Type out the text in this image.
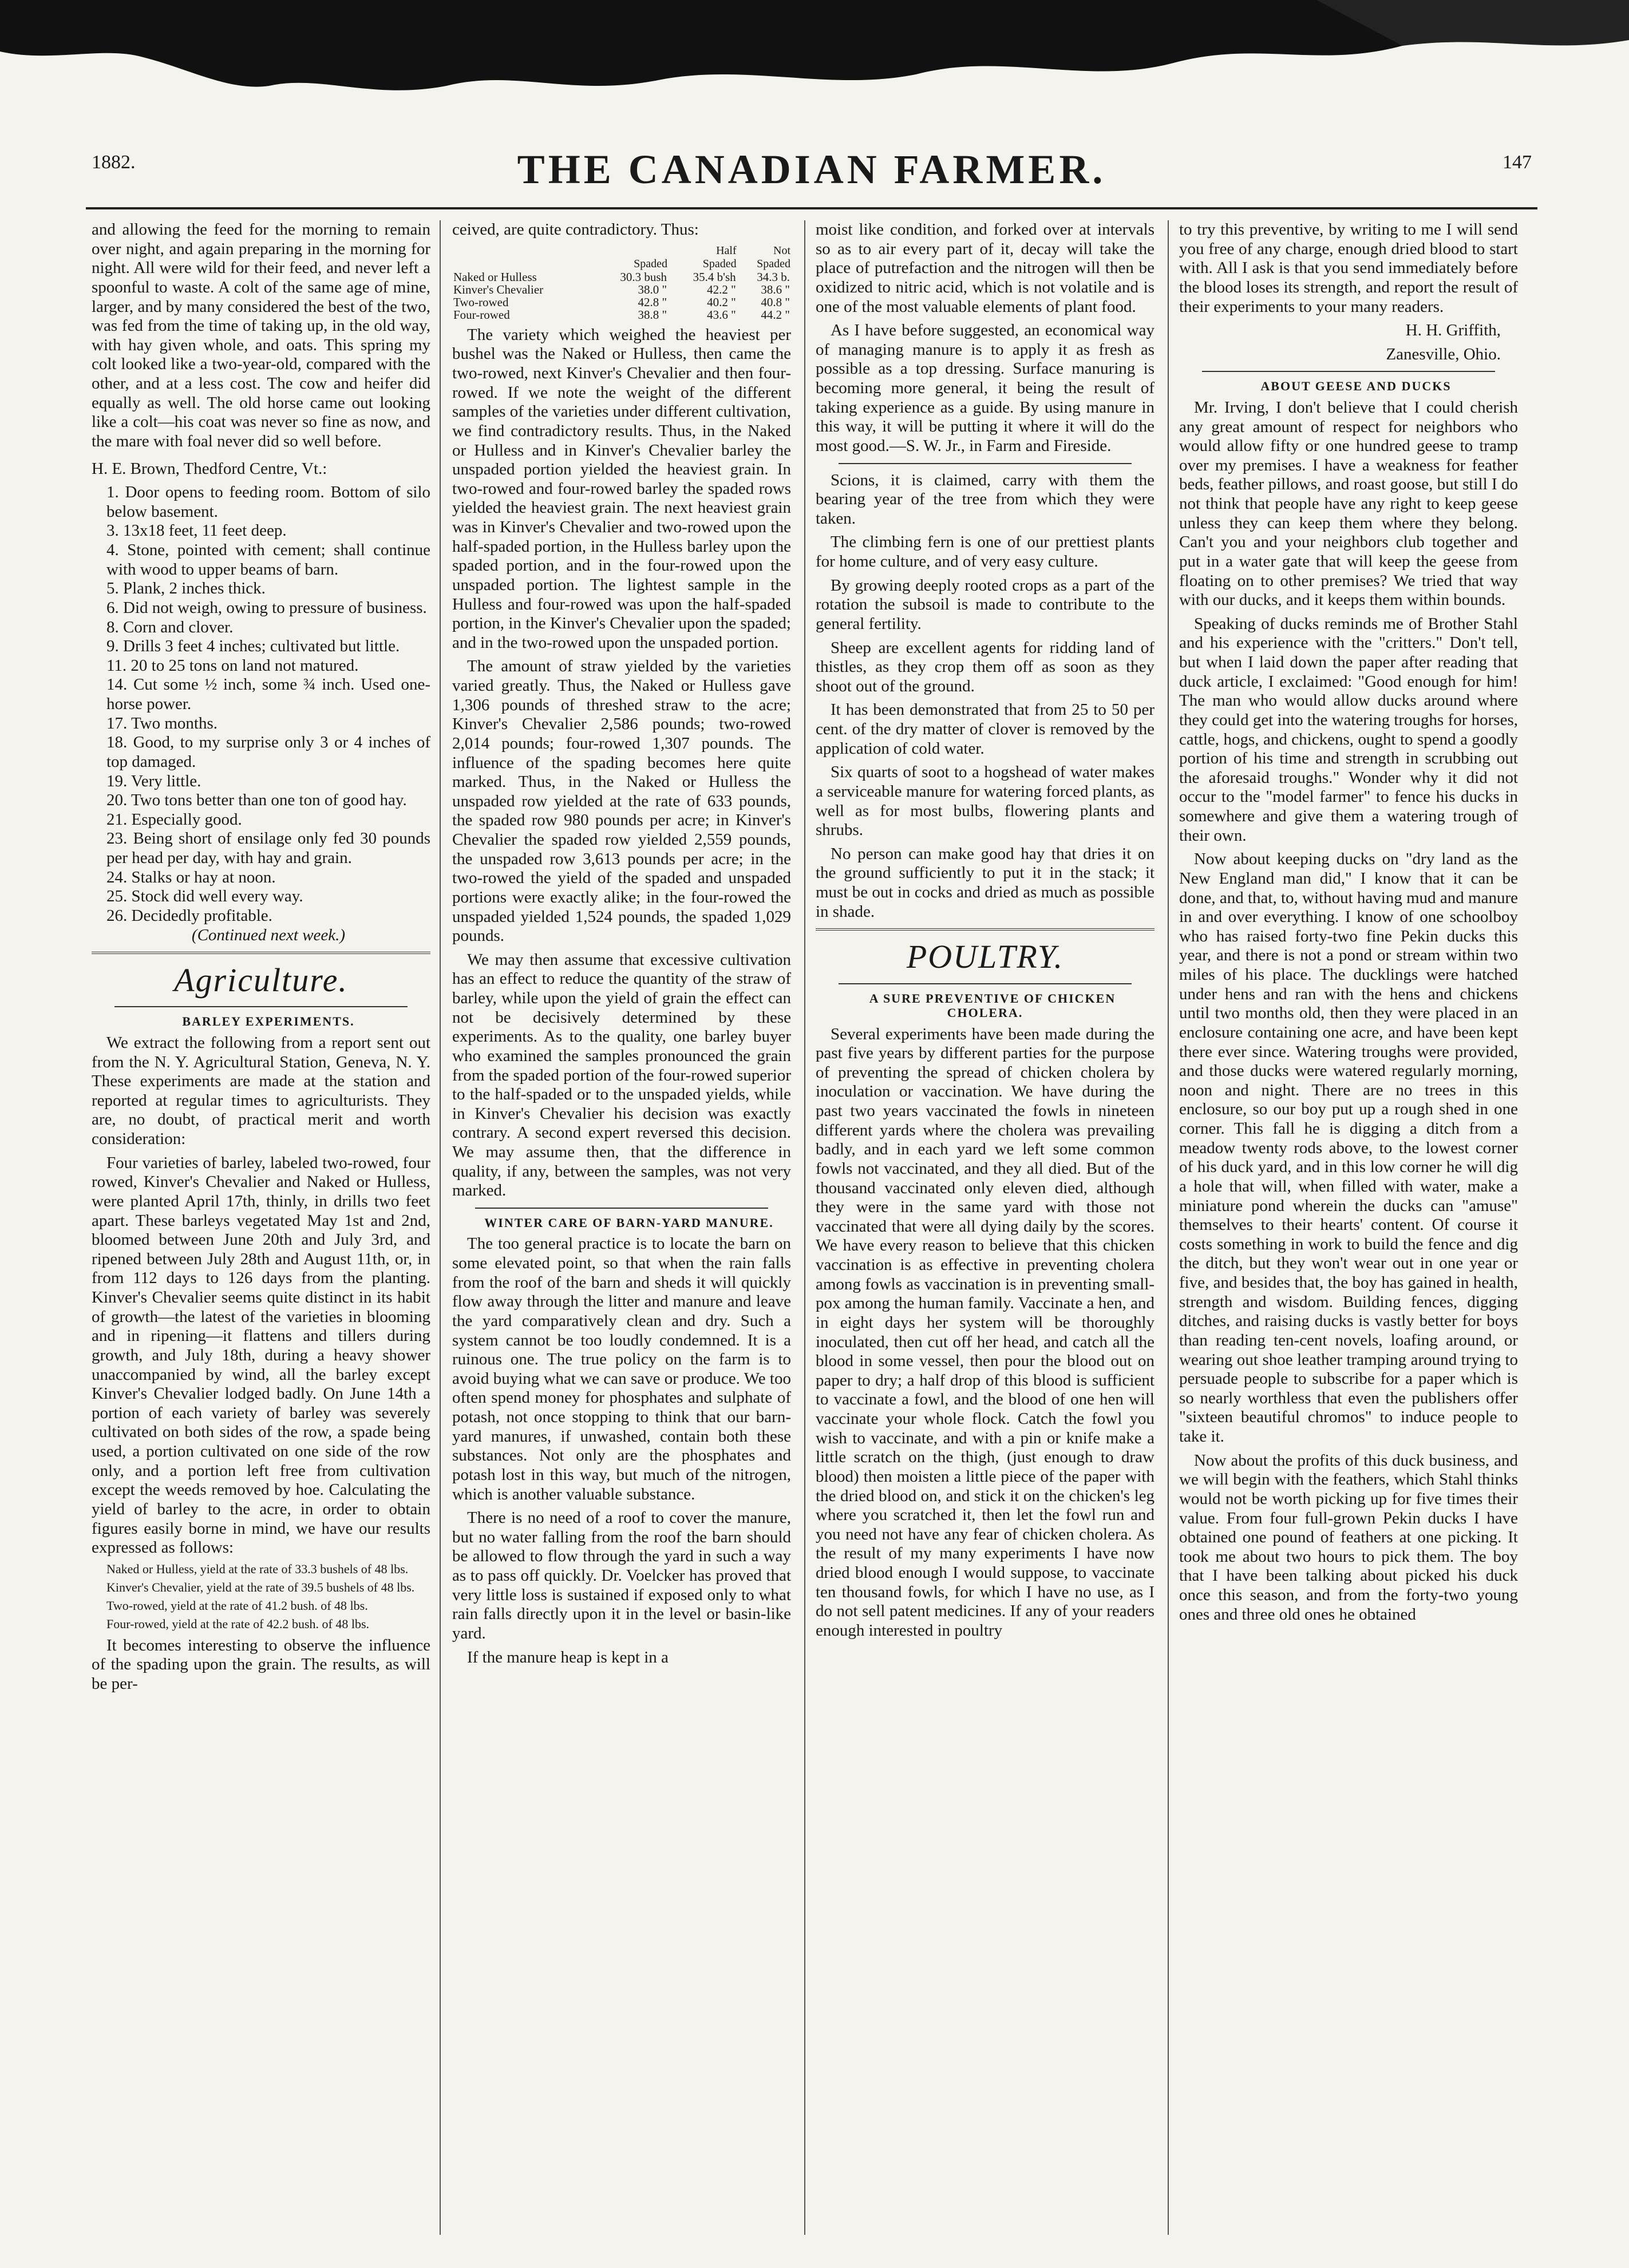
1882.	THE CANADIAN FARMER.	147

and allowing the feed for the morning to remain over night, and again preparing in the morning for night. All were wild for their feed, and never left a spoonful to waste. A colt of the same age of mine, larger, and by many considered the best of the two, was fed from the time of taking up, in the old way, with hay given whole, and oats. This spring my colt looked like a two-year-old, compared with the other, and at a less cost. The cow and heifer did equally as well. The old horse came out looking like a colt—his coat was never so fine as now, and the mare with foal never did so well before.

H. E. Brown, Thedford Centre, Vt.:

1. Door opens to feeding room. Bottom of silo below basement.

3. 13x18 feet, 11 feet deep.

4. Stone, pointed with cement; shall continue with wood to upper beams of barn.

5. Plank, 2 inches thick.

6. Did not weigh, owing to pressure of business.

8. Corn and clover.

9. Drills 3 feet 4 inches; cultivated but little.

11. 20 to 25 tons on land not matured.

14. Cut some ½ inch, some ¾ inch. Used one-horse power.

17. Two months.

18. Good, to my surprise only 3 or 4 inches of top damaged.

19. Very little.

20. Two tons better than one ton of good hay.

21. Especially good.

23. Being short of ensilage only fed 30 pounds per head per day, with hay and grain.

24. Stalks or hay at noon.

25. Stock did well every way.

26. Decidedly profitable.

(Continued next week.)

Agriculture.

BARLEY EXPERIMENTS.

We extract the following from a report sent out from the N. Y. Agricultural Station, Geneva, N. Y. These experiments are made at the station and reported at regular times to agriculturists. They are, no doubt, of practical merit and worth consideration:

Four varieties of barley, labeled two-rowed, four rowed, Kinver's Chevalier and Naked or Hulless, were planted April 17th, thinly, in drills two feet apart. These barleys vegetated May 1st and 2nd, bloomed between June 20th and July 3rd, and ripened between July 28th and August 11th, or, in from 112 days to 126 days from the planting. Kinver's Chevalier seems quite distinct in its habit of growth—the latest of the varieties in blooming and in ripening—it flattens and tillers during growth, and July 18th, during a heavy shower unaccompanied by wind, all the barley except Kinver's Chevalier lodged badly. On June 14th a portion of each variety of barley was severely cultivated on both sides of the row, a spade being used, a portion cultivated on one side of the row only, and a portion left free from cultivation except the weeds removed by hoe. Calculating the yield of barley to the acre, in order to obtain figures easily borne in mind, we have our results expressed as follows:

Naked or Hulless, yield at the rate of 33.3 bushels of 48 lbs.

Kinver's Chevalier, yield at the rate of 39.5 bushels of 48 lbs.

Two-rowed, yield at the rate of 41.2 bush. of 48 lbs.

Four-rowed, yield at the rate of 42.2 bush. of 48 lbs.

It becomes interesting to observe the influence of the spading upon the grain. The results, as will be per-

ceived, are quite contradictory. Thus:

		Half	Not
	Spaded	Spaded	Spaded
Naked or Hulless	30.3 bush	35.4 b'sh	34.3 b.
Kinver's Chevalier	38.0 "	42.2 "	38.6 "
Two-rowed	42.8 "	40.2 "	40.8 "
Four-rowed	38.8 "	43.6 "	44.2 "

The variety which weighed the heaviest per bushel was the Naked or Hulless, then came the two-rowed, next Kinver's Chevalier and then four-rowed. If we note the weight of the different samples of the varieties under different cultivation, we find contradictory results. Thus, in the Naked or Hulless and in Kinver's Chevalier barley the unspaded portion yielded the heaviest grain. In two-rowed and four-rowed barley the spaded rows yielded the heaviest grain. The next heaviest grain was in Kinver's Chevalier and two-rowed upon the half-spaded portion, in the Hulless barley upon the spaded portion, and in the four-rowed upon the unspaded portion. The lightest sample in the Hulless and four-rowed was upon the half-spaded portion, in the Kinver's Chevalier upon the spaded; and in the two-rowed upon the unspaded portion.

The amount of straw yielded by the varieties varied greatly. Thus, the Naked or Hulless gave 1,306 pounds of threshed straw to the acre; Kinver's Chevalier 2,586 pounds; two-rowed 2,014 pounds; four-rowed 1,307 pounds. The influence of the spading becomes here quite marked. Thus, in the Naked or Hulless the unspaded row yielded at the rate of 633 pounds, the spaded row 980 pounds per acre; in Kinver's Chevalier the spaded row yielded 2,559 pounds, the unspaded row 3,613 pounds per acre; in the two-rowed the yield of the spaded and unspaded portions were exactly alike; in the four-rowed the unspaded yielded 1,524 pounds, the spaded 1,029 pounds.

We may then assume that excessive cultivation has an effect to reduce the quantity of the straw of barley, while upon the yield of grain the effect can not be decisively determined by these experiments. As to the quality, one barley buyer who examined the samples pronounced the grain from the spaded portion of the four-rowed superior to the half-spaded or to the unspaded yields, while in Kinver's Chevalier his decision was exactly contrary. A second expert reversed this decision. We may assume then, that the difference in quality, if any, between the samples, was not very marked.

WINTER CARE OF BARN-YARD MANURE.

The too general practice is to locate the barn on some elevated point, so that when the rain falls from the roof of the barn and sheds it will quickly flow away through the litter and manure and leave the yard comparatively clean and dry. Such a system cannot be too loudly condemned. It is a ruinous one. The true policy on the farm is to avoid buying what we can save or produce. We too often spend money for phosphates and sulphate of potash, not once stopping to think that our barn-yard manures, if unwashed, contain both these substances. Not only are the phosphates and potash lost in this way, but much of the nitrogen, which is another valuable substance.

There is no need of a roof to cover the manure, but no water falling from the roof the barn should be allowed to flow through the yard in such a way as to pass off quickly. Dr. Voelcker has proved that very little loss is sustained if exposed only to what rain falls directly upon it in the level or basin-like yard.

If the manure heap is kept in a

moist like condition, and forked over at intervals so as to air every part of it, decay will take the place of putrefaction and the nitrogen will then be oxidized to nitric acid, which is not volatile and is one of the most valuable elements of plant food.

As I have before suggested, an economical way of managing manure is to apply it as fresh as possible as a top dressing. Surface manuring is becoming more general, it being the result of taking experience as a guide. By using manure in this way, it will be putting it where it will do the most good.—S. W. Jr., in Farm and Fireside.

Scions, it is claimed, carry with them the bearing year of the tree from which they were taken.

The climbing fern is one of our prettiest plants for home culture, and of very easy culture.

By growing deeply rooted crops as a part of the rotation the subsoil is made to contribute to the general fertility.

Sheep are excellent agents for ridding land of thistles, as they crop them off as soon as they shoot out of the ground.

It has been demonstrated that from 25 to 50 per cent. of the dry matter of clover is removed by the application of cold water.

Six quarts of soot to a hogshead of water makes a serviceable manure for watering forced plants, as well as for most bulbs, flowering plants and shrubs.

No person can make good hay that dries it on the ground sufficiently to put it in the stack; it must be out in cocks and dried as much as possible in shade.

POULTRY.

A SURE PREVENTIVE OF CHICKEN CHOLERA.

Several experiments have been made during the past five years by different parties for the purpose of preventing the spread of chicken cholera by inoculation or vaccination. We have during the past two years vaccinated the fowls in nineteen different yards where the cholera was prevailing badly, and in each yard we left some common fowls not vaccinated, and they all died. But of the thousand vaccinated only eleven died, although they were in the same yard with those not vaccinated that were all dying daily by the scores. We have every reason to believe that this chicken vaccination is as effective in preventing cholera among fowls as vaccination is in preventing small-pox among the human family. Vaccinate a hen, and in eight days her system will be thoroughly inoculated, then cut off her head, and catch all the blood in some vessel, then pour the blood out on paper to dry; a half drop of this blood is sufficient to vaccinate a fowl, and the blood of one hen will vaccinate your whole flock. Catch the fowl you wish to vaccinate, and with a pin or knife make a little scratch on the thigh, (just enough to draw blood) then moisten a little piece of the paper with the dried blood on, and stick it on the chicken's leg where you scratched it, then let the fowl run and you need not have any fear of chicken cholera. As the result of my many experiments I have now dried blood enough I would suppose, to vaccinate ten thousand fowls, for which I have no use, as I do not sell patent medicines. If any of your readers enough interested in poultry

to try this preventive, by writing to me I will send you free of any charge, enough dried blood to start with. All I ask is that you send immediately before the blood loses its strength, and report the result of their experiments to your many readers.

H. H. Griffith,

Zanesville, Ohio.

ABOUT GEESE AND DUCKS

Mr. Irving, I don't believe that I could cherish any great amount of respect for neighbors who would allow fifty or one hundred geese to tramp over my premises. I have a weakness for feather beds, feather pillows, and roast goose, but still I do not think that people have any right to keep geese unless they can keep them where they belong. Can't you and your neighbors club together and put in a water gate that will keep the geese from floating on to other premises? We tried that way with our ducks, and it keeps them within bounds.

Speaking of ducks reminds me of Brother Stahl and his experience with the "critters." Don't tell, but when I laid down the paper after reading that duck article, I exclaimed: "Good enough for him! The man who would allow ducks around where they could get into the watering troughs for horses, cattle, hogs, and chickens, ought to spend a goodly portion of his time and strength in scrubbing out the aforesaid troughs." Wonder why it did not occur to the "model farmer" to fence his ducks in somewhere and give them a watering trough of their own.

Now about keeping ducks on "dry land as the New England man did," I know that it can be done, and that, to, without having mud and manure in and over everything. I know of one schoolboy who has raised forty-two fine Pekin ducks this year, and there is not a pond or stream within two miles of his place. The ducklings were hatched under hens and ran with the hens and chickens until two months old, then they were placed in an enclosure containing one acre, and have been kept there ever since. Watering troughs were provided, and those ducks were watered regularly morning, noon and night. There are no trees in this enclosure, so our boy put up a rough shed in one corner. This fall he is digging a ditch from a meadow twenty rods above, to the lowest corner of his duck yard, and in this low corner he will dig a hole that will, when filled with water, make a miniature pond wherein the ducks can "amuse" themselves to their hearts' content. Of course it costs something in work to build the fence and dig the ditch, but they won't wear out in one year or five, and besides that, the boy has gained in health, strength and wisdom. Building fences, digging ditches, and raising ducks is vastly better for boys than reading ten-cent novels, loafing around, or wearing out shoe leather tramping around trying to persuade people to subscribe for a paper which is so nearly worthless that even the publishers offer "sixteen beautiful chromos" to induce people to take it.

Now about the profits of this duck business, and we will begin with the feathers, which Stahl thinks would not be worth picking up for five times their value. From four full-grown Pekin ducks I have obtained one pound of feathers at one picking. It took me about two hours to pick them. The boy that I have been talking about picked his duck once this season, and from the forty-two young ones and three old ones he obtained
